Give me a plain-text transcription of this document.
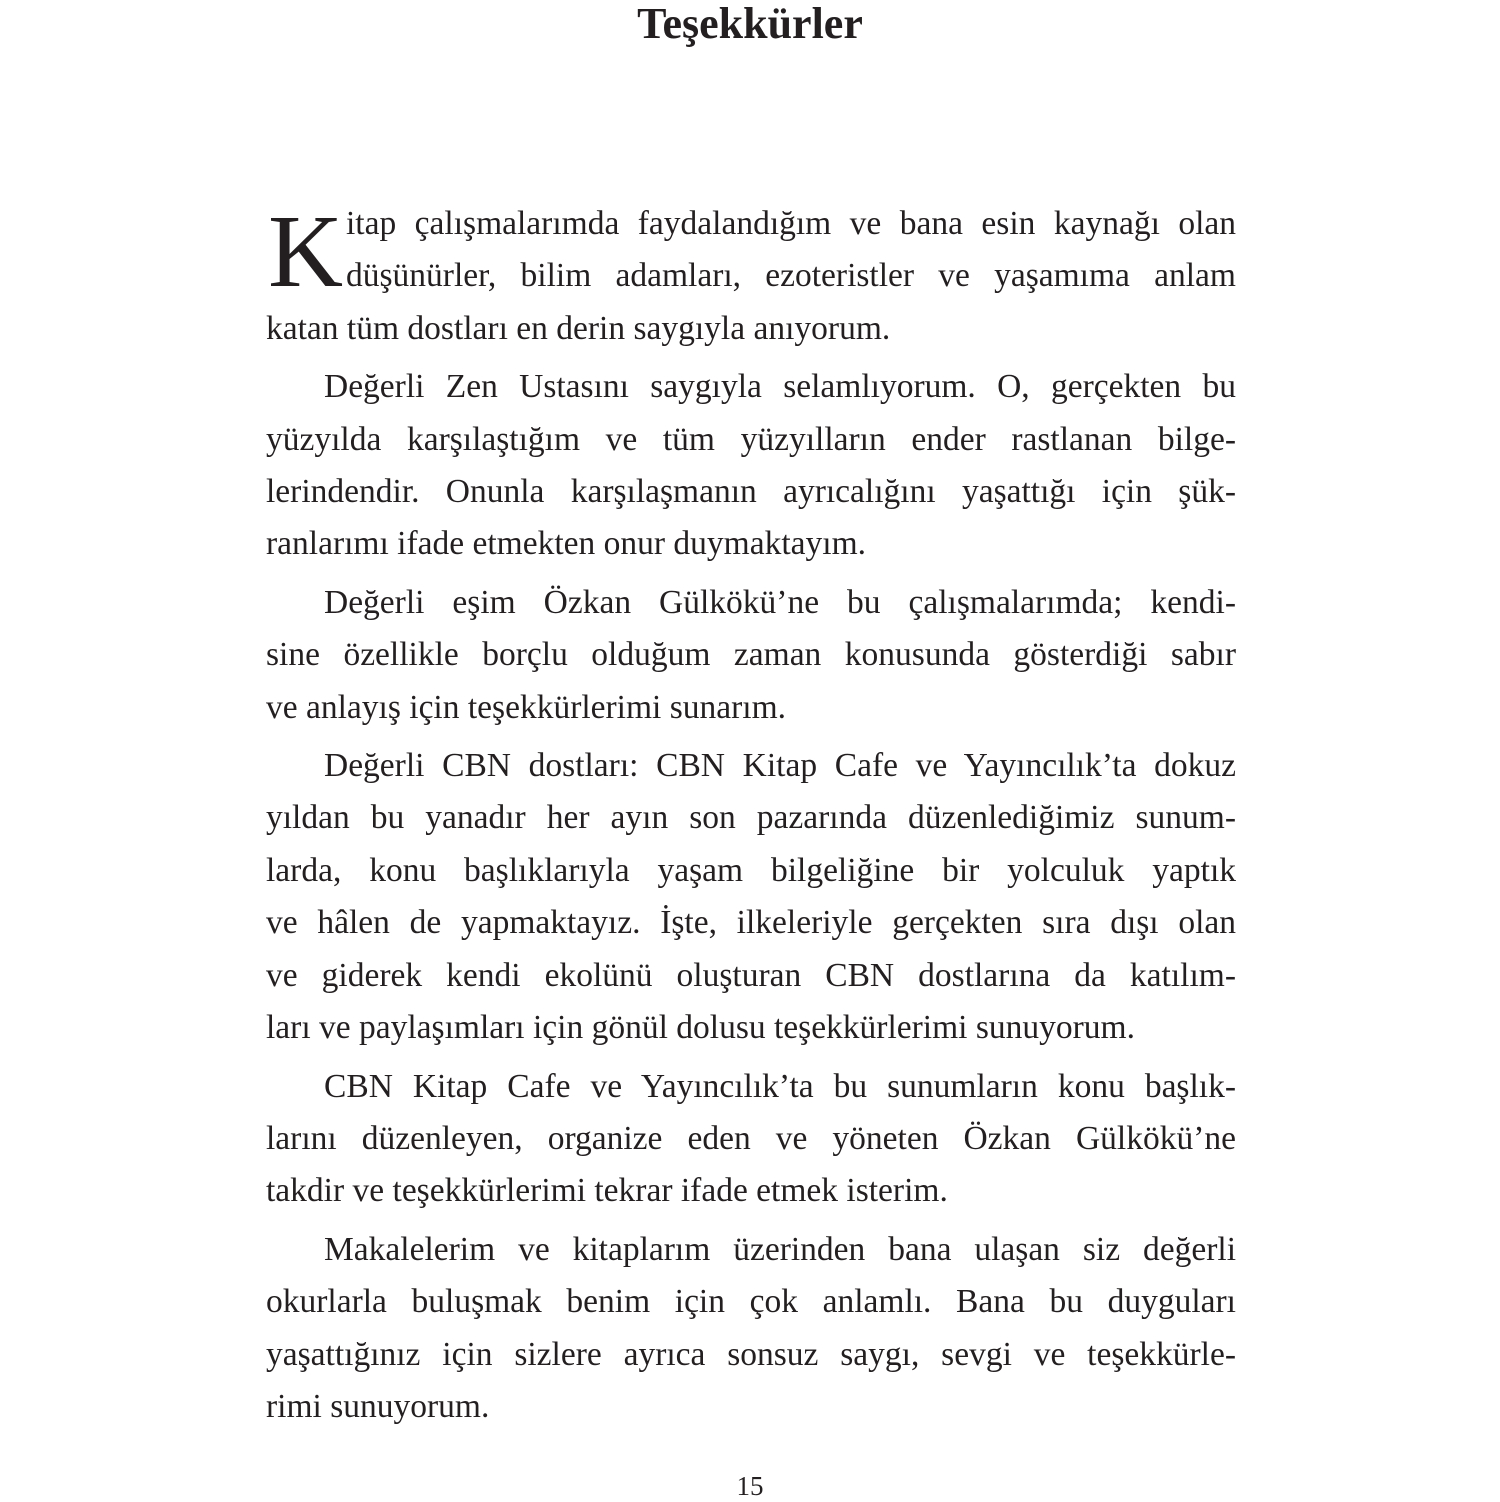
Teşekkürler
K itap çalışmalarımda faydalandığım ve bana esin kaynağı olan
düşünürler, bilim adamları, ezoteristler ve yaşamıma anlam
katan tüm dostları en derin saygıyla anıyorum.
Değerli Zen Ustasını saygıyla selamlıyorum. O, gerçekten bu
yüzyılda karşılaştığım ve tüm yüzyılların ender rastlanan bilge-
lerindendir. Onunla karşılaşmanın ayrıcalığını yaşattığı için şük-
ranlarımı ifade etmekten onur duymaktayım.
Değerli eşim Özkan Gülkökü’ne bu çalışmalarımda; kendi-
sine özellikle borçlu olduğum zaman konusunda gösterdiği sabır
ve anlayış için teşekkürlerimi sunarım.
Değerli CBN dostları: CBN Kitap Cafe ve Yayıncılık’ta dokuz
yıldan bu yanadır her ayın son pazarında düzenlediğimiz sunum-
larda, konu başlıklarıyla yaşam bilgeliğine bir yolculuk yaptık
ve hâlen de yapmaktayız. İşte, ilkeleriyle gerçekten sıra dışı olan
ve giderek kendi ekolünü oluşturan CBN dostlarına da katılım-
ları ve paylaşımları için gönül dolusu teşekkürlerimi sunuyorum.
CBN Kitap Cafe ve Yayıncılık’ta bu sunumların konu başlık-
larını düzenleyen, organize eden ve yöneten Özkan Gülkökü’ne
takdir ve teşekkürlerimi tekrar ifade etmek isterim.
Makalelerim ve kitaplarım üzerinden bana ulaşan siz değerli
okurlarla buluşmak benim için çok anlamlı. Bana bu duyguları
yaşattığınız için sizlere ayrıca sonsuz saygı, sevgi ve teşekkürle-
rimi sunuyorum.
15
